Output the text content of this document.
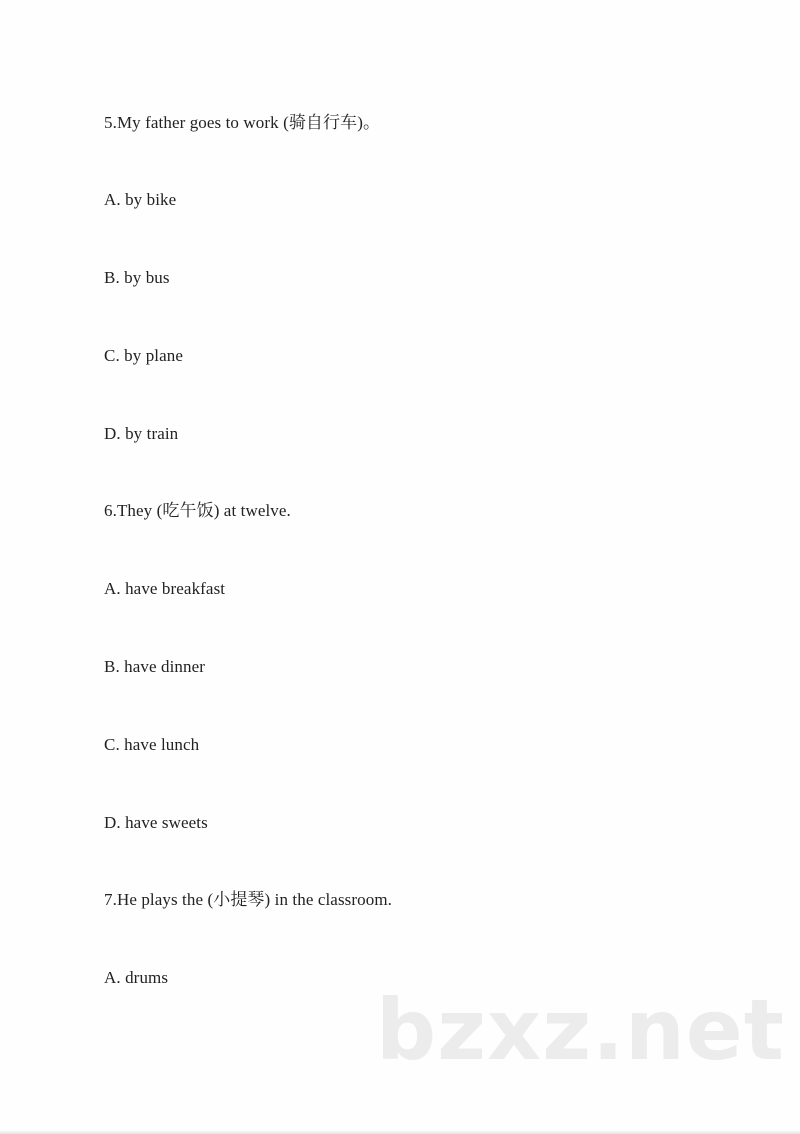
5.My father goes to work (骑自行车)。
A. by bike
B. by bus
C. by plane
D. by train
6.They (吃午饭) at twelve.
A. have breakfast
B. have dinner
C. have lunch
D. have sweets
7.He plays the (小提琴) in the classroom.
A. drums
bzxz.net
